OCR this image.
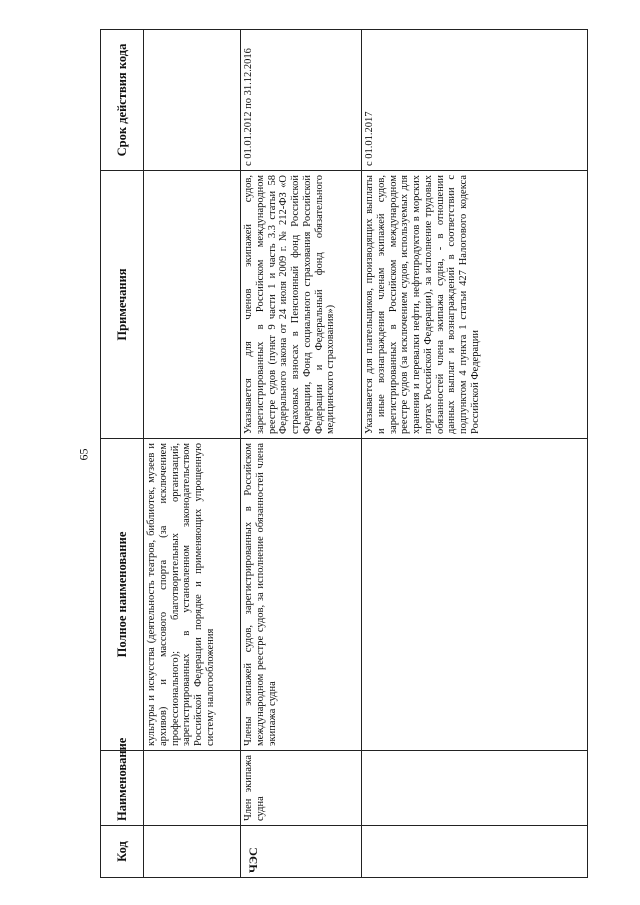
65
Код	Наименование	Полное наименование	Примечания	Срок действия кода
		культуры и искусства (деятельность театров, библиотек, музеев и архивов) и массового спорта (за исключением профессионального); благотворительных организаций, зарегистрированных в установленном законодательством Российской Федерации порядке и применяющих упрощенную систему налогообложения		
ЧЭС	Член экипажа судна	Члены экипажей судов, зарегистрированных в Российском международном реестре судов, за исполнение обязанностей члена экипажа судна	Указывается для членов экипажей судов, зарегистрированных в Российском международном реестре судов (пункт 9 части 1 и часть 3.3 статьи 58 Федерального закона от 24 июля 2009 г. № 212-ФЗ «О страховых взносах в Пенсионный фонд Российской Федерации, Фонд социального страхования Российской Федерации и Федеральный фонд обязательного медицинского страхования»)	с 01.01.2012 по 31.12.2016
			Указывается для плательщиков, производящих выплаты и иные вознаграждения членам экипажей судов, зарегистрированных в Российском международном реестре судов (за исключением судов, используемых для хранения и перевалки нефти, нефтепродуктов в морских портах Российской Федерации), за исполнение трудовых обязанностей члена экипажа судна, - в отношении данных выплат и вознаграждений в соответствии с подпунктом 4 пункта 1 статьи 427 Налогового кодекса Российской Федерации	с 01.01.2017
